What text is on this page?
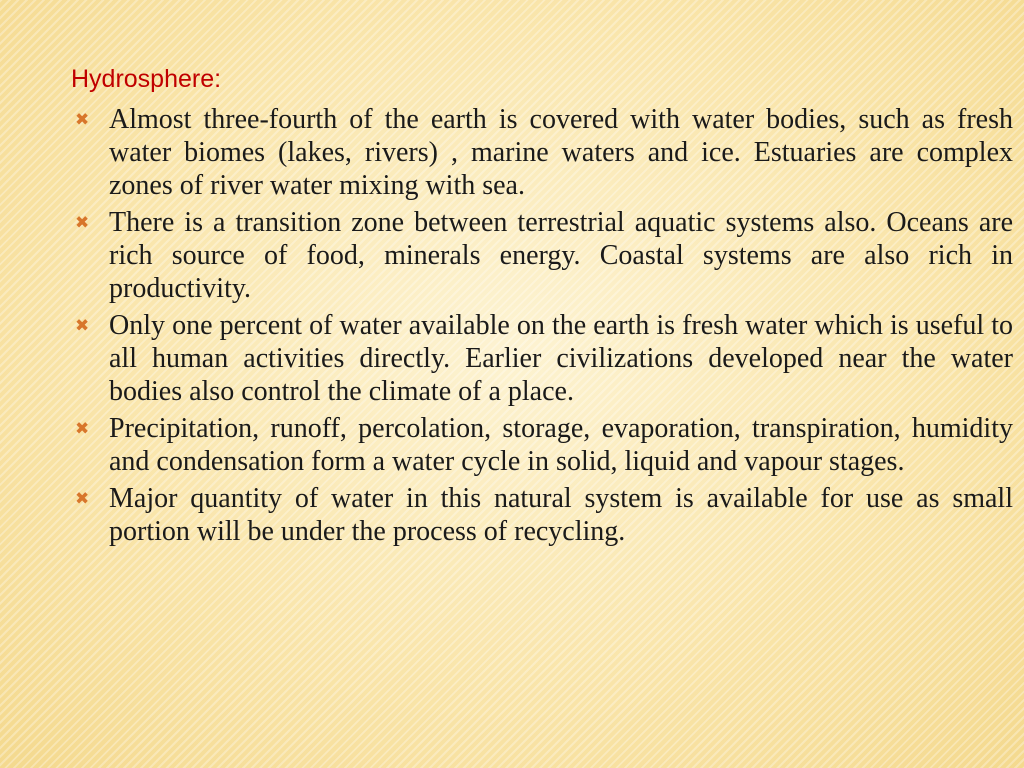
Hydrosphere:
✖ Almost three-fourth of the earth is covered with water bodies, such as fresh water biomes (lakes, rivers) , marine waters and ice. Estuaries are complex zones of river water mixing with sea.
✖ There is a transition zone between terrestrial aquatic systems also. Oceans are rich source of food, minerals energy. Coastal systems are also rich in productivity.
✖ Only one percent of water available on the earth is fresh water which is useful to all human activities directly. Earlier civilizations developed near the water bodies also control the climate of a place.
✖ Precipitation, runoff, percolation, storage, evaporation, transpiration, humidity and condensation form a water cycle in solid, liquid and vapour stages.
✖ Major quantity of water in this natural system is available for use as small portion will be under the process of recycling.
